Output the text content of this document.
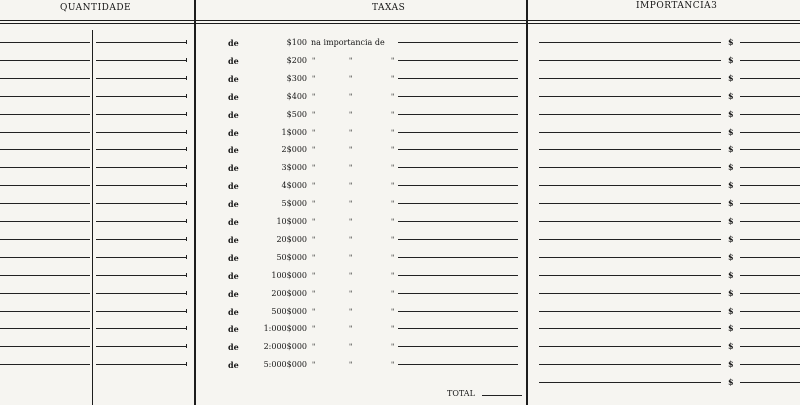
QUANTIDADE	TAXAS	IMPORTANCIA3
de	$100 na importancia de	$
de	$200 "	"	"	$
de	$300 "	"	"	$
de	$400 "	"	"	$
de	$500 "	"	"	$
de	1$000 "	"	"	$
de	2$000 "	"	"	$
de	3$000 "	"	"	$
de	4$000 "	"	"	$
de	5$000 "	"	"	$
de	10$000 "	"	"	$
de	20$000 "	"	"	$
de	50$000 "	"	"	$
de	100$000 "	"	"	$
de	200$000 "	"	"	$
de	500$000 "	"	"	$
de	1:000$000 "	"	"	$
de	2:000$000 "	"	"	$
de	5:000$000 "	"	"	$
$
TOTAL
